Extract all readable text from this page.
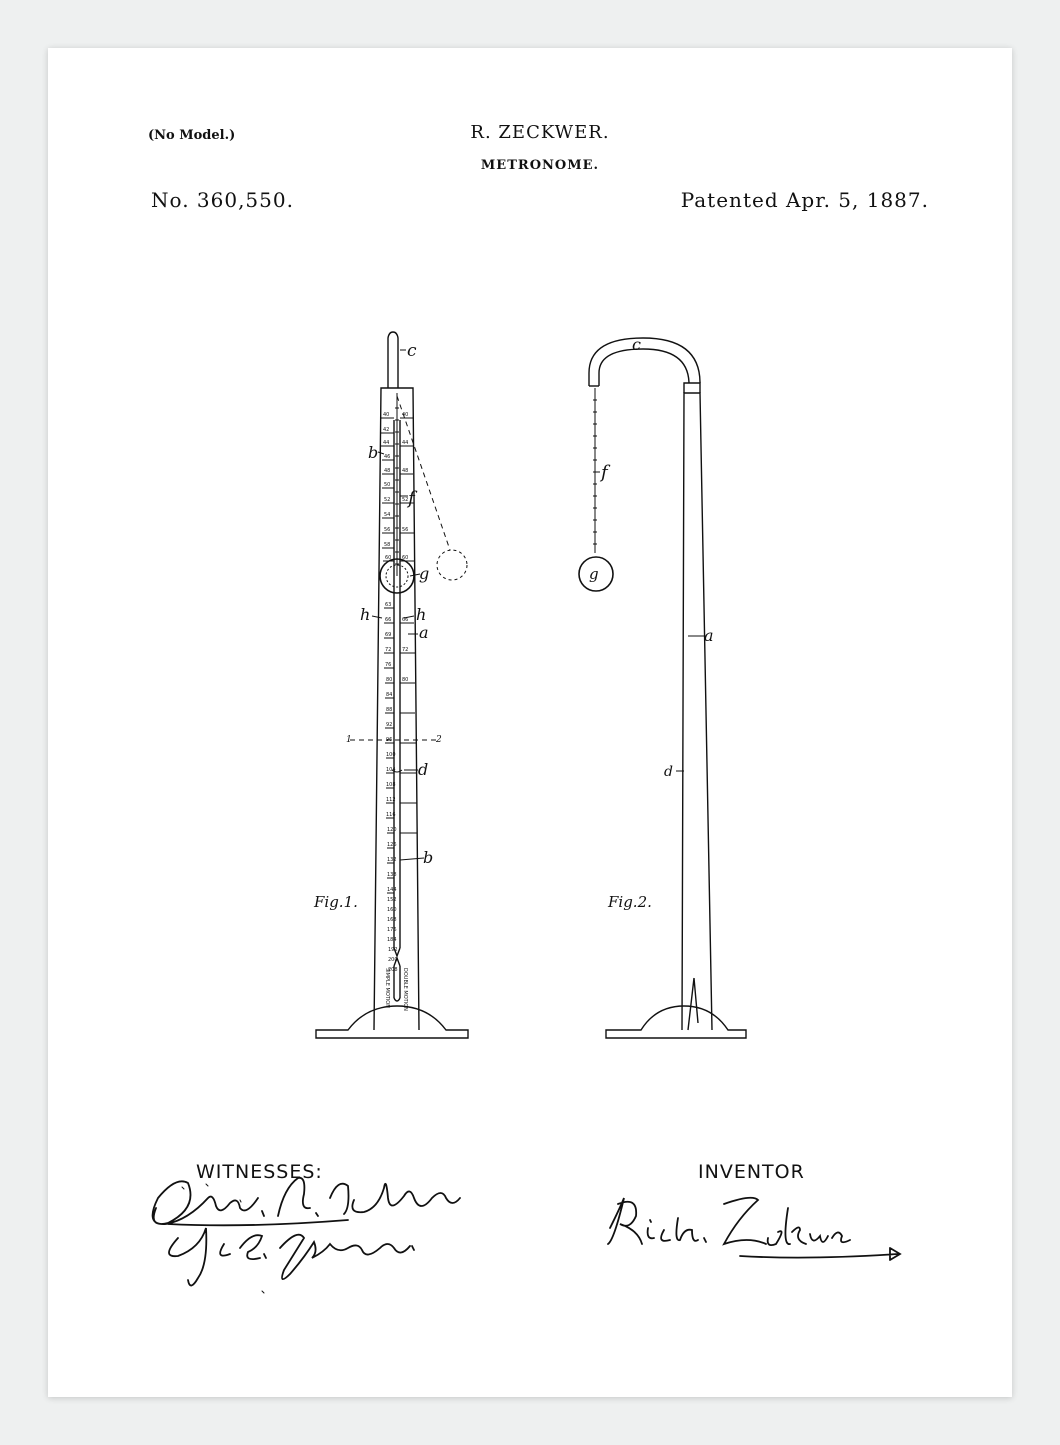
(No Model.)	R. ZECKWER.
METRONOME.
No. 360,550.	Patented Apr. 5, 1887.
Fig.1.
c
b
f
g
h	h
a
d
b
1	2
40
42
44
46
48
50
52
54
56
58
60
63
66
69
72
76
80
84
88
92
96
100
104
108
112
116
120
126
132
138
144
152
160
168
176
184
192
200
208
40
44
48
52
56
60
66
72
80
SIMPLE MOTION DOUBLE MOTION
Fig.2.
c
f
g
a
d
WITNESSES:	INVENTOR
